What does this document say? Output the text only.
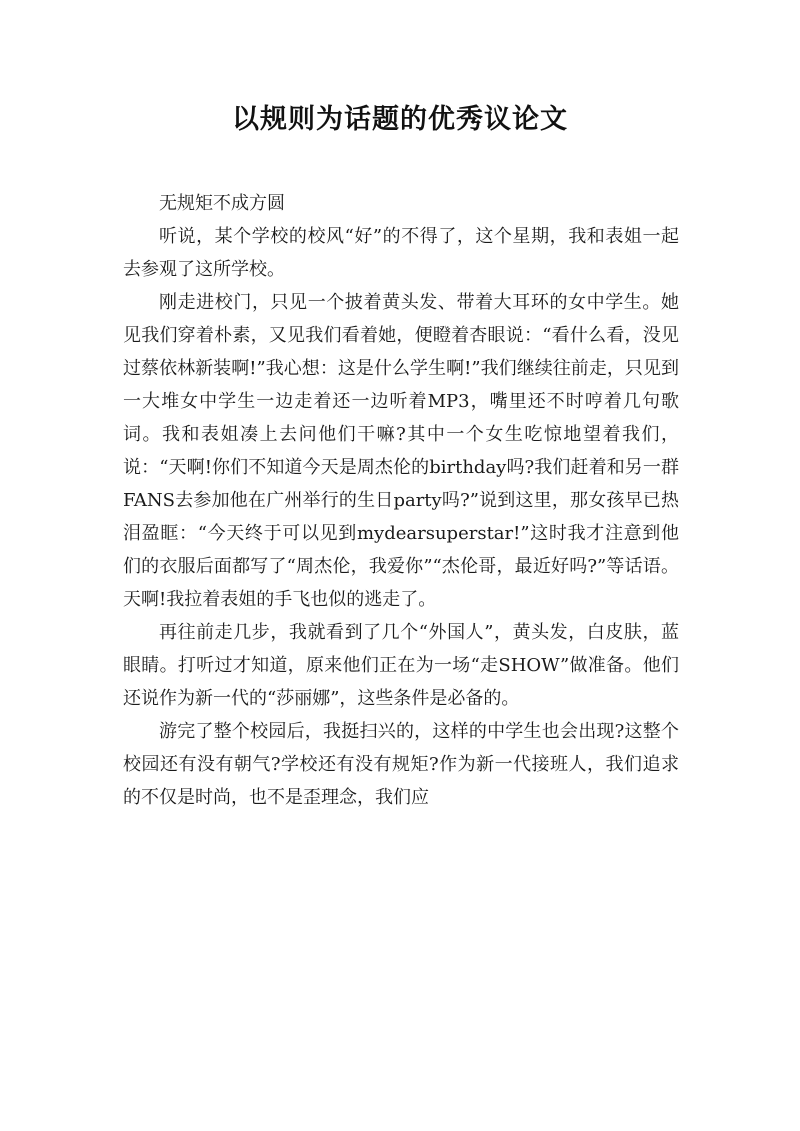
以规则为话题的优秀议论文

无规矩不成方圆

听说，某个学校的校风“好”的不得了，这个星期，我和表姐一起去参观了这所学校。

刚走进校门，只见一个披着黄头发、带着大耳环的女中学生。她见我们穿着朴素，又见我们看着她，便瞪着杏眼说：“看什么看，没见过蔡依林新装啊!”我心想：这是什么学生啊!”我们继续往前走，只见到一大堆女中学生一边走着还一边听着MP3，嘴里还不时哼着几句歌词。我和表姐凑上去问他们干嘛?其中一个女生吃惊地望着我们，说：“天啊!你们不知道今天是周杰伦的birthday吗?我们赶着和另一群FANS去参加他在广州举行的生日party吗?”说到这里，那女孩早已热泪盈眶：“今天终于可以见到mydearsuperstar!”这时我才注意到他们的衣服后面都写了“周杰伦，我爱你”“杰伦哥，最近好吗?”等话语。天啊!我拉着表姐的手飞也似的逃走了。

再往前走几步，我就看到了几个“外国人”，黄头发，白皮肤，蓝眼睛。打听过才知道，原来他们正在为一场“走SHOW”做准备。他们还说作为新一代的“莎丽娜”，这些条件是必备的。

游完了整个校园后，我挺扫兴的，这样的中学生也会出现?这整个校园还有没有朝气?学校还有没有规矩?作为新一代接班人，我们追求的不仅是时尚，也不是歪理念，我们应
